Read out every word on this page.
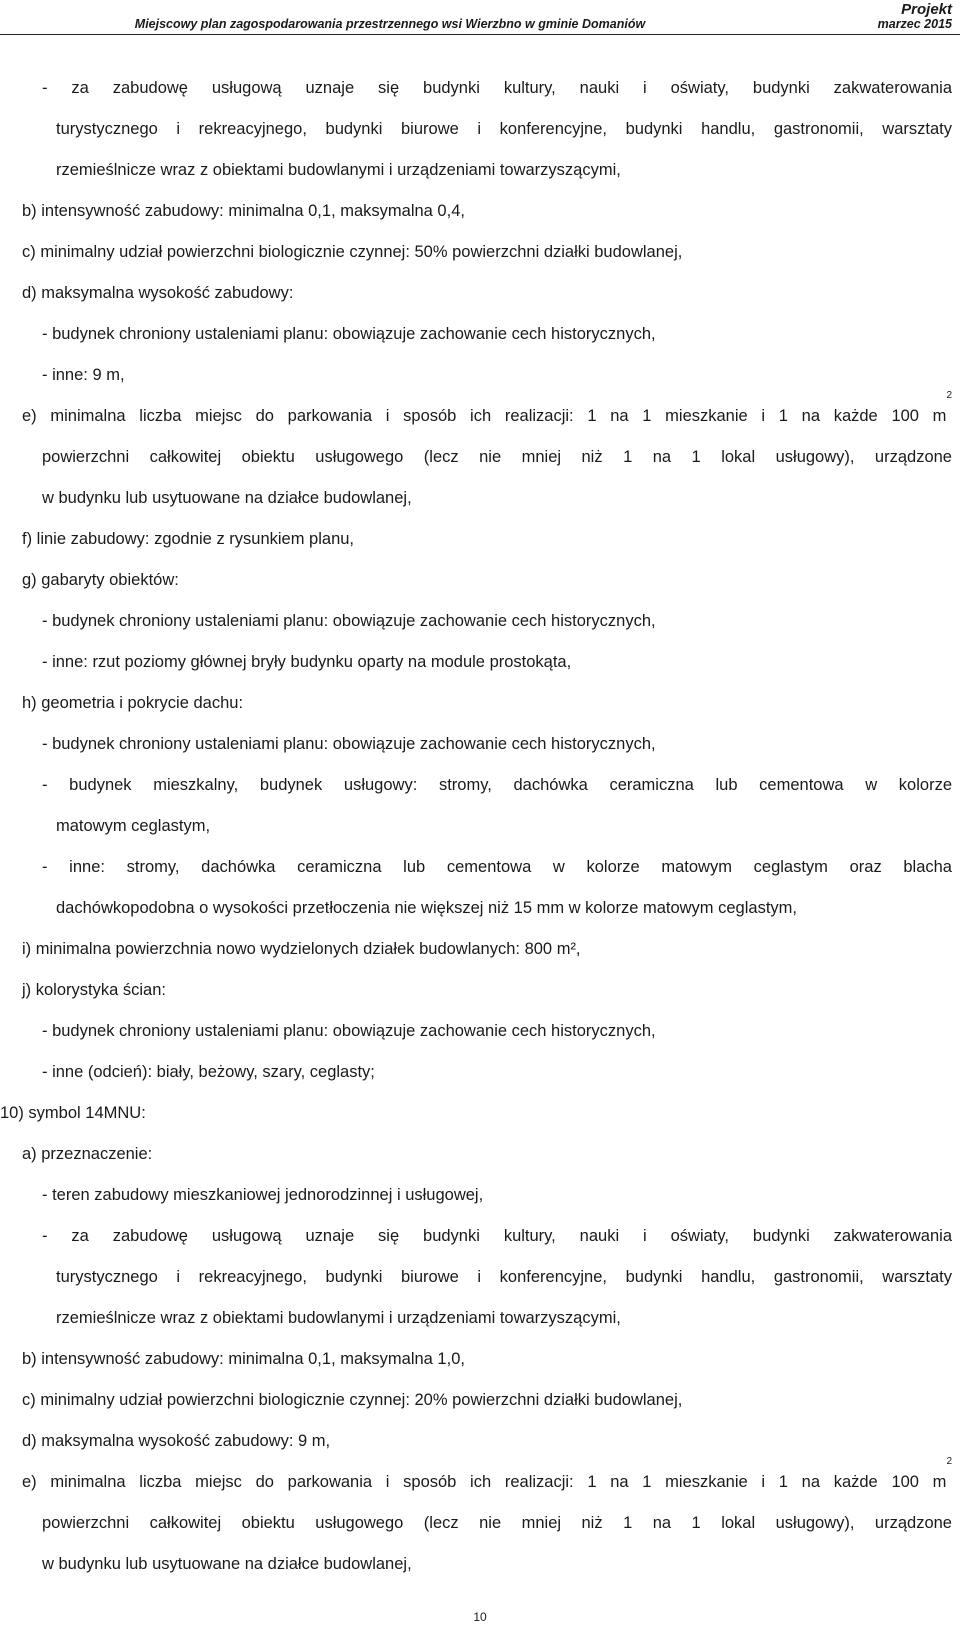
Projekt
Miejscowy plan zagospodarowania przestrzennego wsi Wierzbno w gminie Domaniów	marzec 2015
- za zabudowę usługową uznaje się budynki kultury, nauki i oświaty, budynki zakwaterowania
turystycznego i rekreacyjnego, budynki biurowe i konferencyjne, budynki handlu, gastronomii, warsztaty
rzemieślnicze wraz z obiektami budowlanymi i urządzeniami towarzyszącymi,
b) intensywność zabudowy: minimalna 0,1, maksymalna 0,4,
c) minimalny udział powierzchni biologicznie czynnej: 50% powierzchni działki budowlanej,
d) maksymalna wysokość zabudowy:
- budynek chroniony ustaleniami planu: obowiązuje zachowanie cech historycznych,
- inne: 9 m,
e) minimalna liczba miejsc do parkowania i sposób ich realizacji: 1 na 1 mieszkanie i 1 na każde 100 m
2
powierzchni całkowitej obiektu usługowego (lecz nie mniej niż 1 na 1 lokal usługowy), urządzone
w budynku lub usytuowane na działce budowlanej,
f) linie zabudowy: zgodnie z rysunkiem planu,
g) gabaryty obiektów:
- budynek chroniony ustaleniami planu: obowiązuje zachowanie cech historycznych,
- inne: rzut poziomy głównej bryły budynku oparty na module prostokąta,
h) geometria i pokrycie dachu:
- budynek chroniony ustaleniami planu: obowiązuje zachowanie cech historycznych,
- budynek mieszkalny, budynek usługowy: stromy, dachówka ceramiczna lub cementowa w kolorze
matowym ceglastym,
- inne: stromy, dachówka ceramiczna lub cementowa w kolorze matowym ceglastym oraz blacha
dachówkopodobna o wysokości przetłoczenia nie większej niż 15 mm w kolorze matowym ceglastym,
i) minimalna powierzchnia nowo wydzielonych działek budowlanych: 800 m²,
j) kolorystyka ścian:
- budynek chroniony ustaleniami planu: obowiązuje zachowanie cech historycznych,
- inne (odcień): biały, beżowy, szary, ceglasty;
10) symbol 14MNU:
a) przeznaczenie:
- teren zabudowy mieszkaniowej jednorodzinnej i usługowej,
- za zabudowę usługową uznaje się budynki kultury, nauki i oświaty, budynki zakwaterowania
turystycznego i rekreacyjnego, budynki biurowe i konferencyjne, budynki handlu, gastronomii, warsztaty
rzemieślnicze wraz z obiektami budowlanymi i urządzeniami towarzyszącymi,
b) intensywność zabudowy: minimalna 0,1, maksymalna 1,0,
c) minimalny udział powierzchni biologicznie czynnej: 20% powierzchni działki budowlanej,
d) maksymalna wysokość zabudowy: 9 m,
e) minimalna liczba miejsc do parkowania i sposób ich realizacji: 1 na 1 mieszkanie i 1 na każde 100 m
2
powierzchni całkowitej obiektu usługowego (lecz nie mniej niż 1 na 1 lokal usługowy), urządzone
w budynku lub usytuowane na działce budowlanej,
10
